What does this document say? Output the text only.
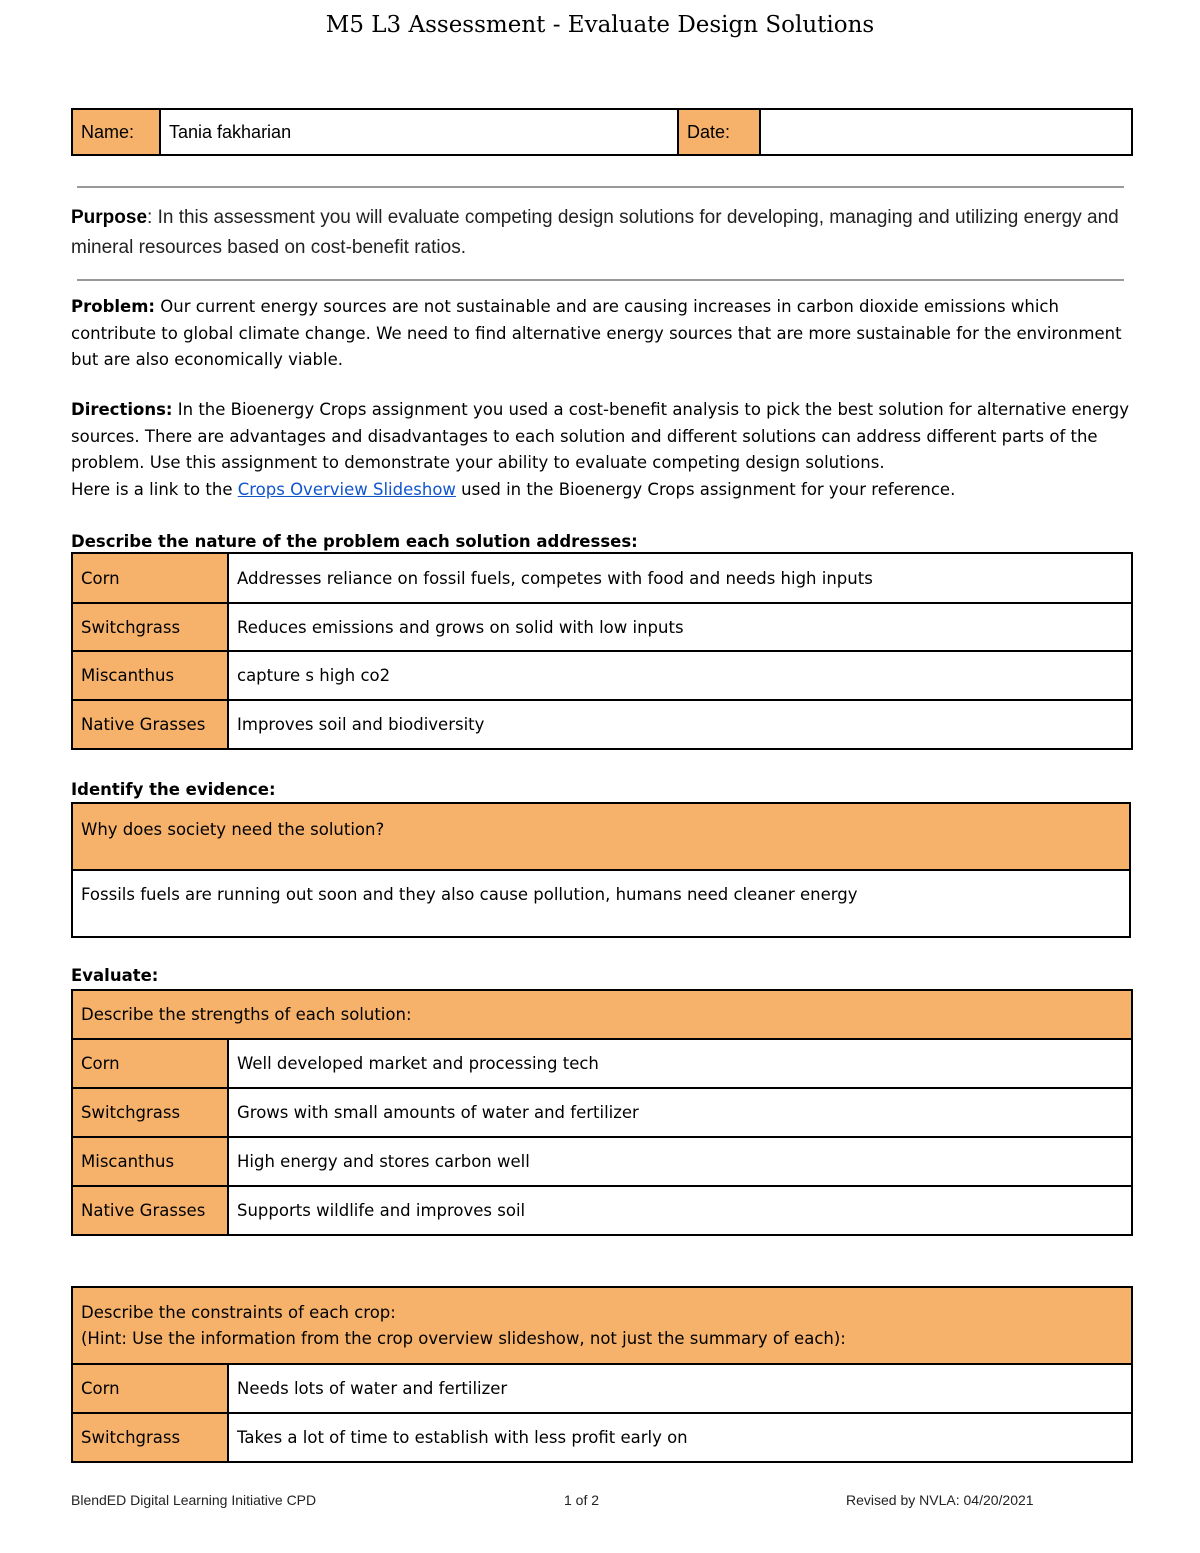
M5 L3 Assessment - Evaluate Design Solutions
Name:	Tania fakharian	Date:	
Purpose: In this assessment you will evaluate competing design solutions for developing, managing and utilizing energy and mineral resources based on cost-benefit ratios.
Problem: Our current energy sources are not sustainable and are causing increases in carbon dioxide emissions which contribute to global climate change. We need to find alternative energy sources that are more sustainable for the environment but are also economically viable.
Directions: In the Bioenergy Crops assignment you used a cost-benefit analysis to pick the best solution for alternative energy sources. There are advantages and disadvantages to each solution and different solutions can address different parts of the problem. Use this assignment to demonstrate your ability to evaluate competing design solutions.
Here is a link to the Crops Overview Slideshow used in the Bioenergy Crops assignment for your reference.
Describe the nature of the problem each solution addresses:
Corn	Addresses reliance on fossil fuels, competes with food and needs high inputs
Switchgrass	Reduces emissions and grows on solid with low inputs
Miscanthus	capture s high co2
Native Grasses	Improves soil and biodiversity
Identify the evidence:
Why does society need the solution?
Fossils fuels are running out soon and they also cause pollution, humans need cleaner energy
Evaluate:
Describe the strengths of each solution:	
Corn	Well developed market and processing tech
Switchgrass	Grows with small amounts of water and fertilizer
Miscanthus	High energy and stores carbon well
Native Grasses	Supports wildlife and improves soil
Describe the constraints of each crop:
(Hint: Use the information from the crop overview slideshow, not just the summary of each):	
Corn	Needs lots of water and fertilizer
Switchgrass	Takes a lot of time to establish with less profit early on
BlendED Digital Learning Initiative CPD	1 of 2	Revised by NVLA: 04/20/2021
